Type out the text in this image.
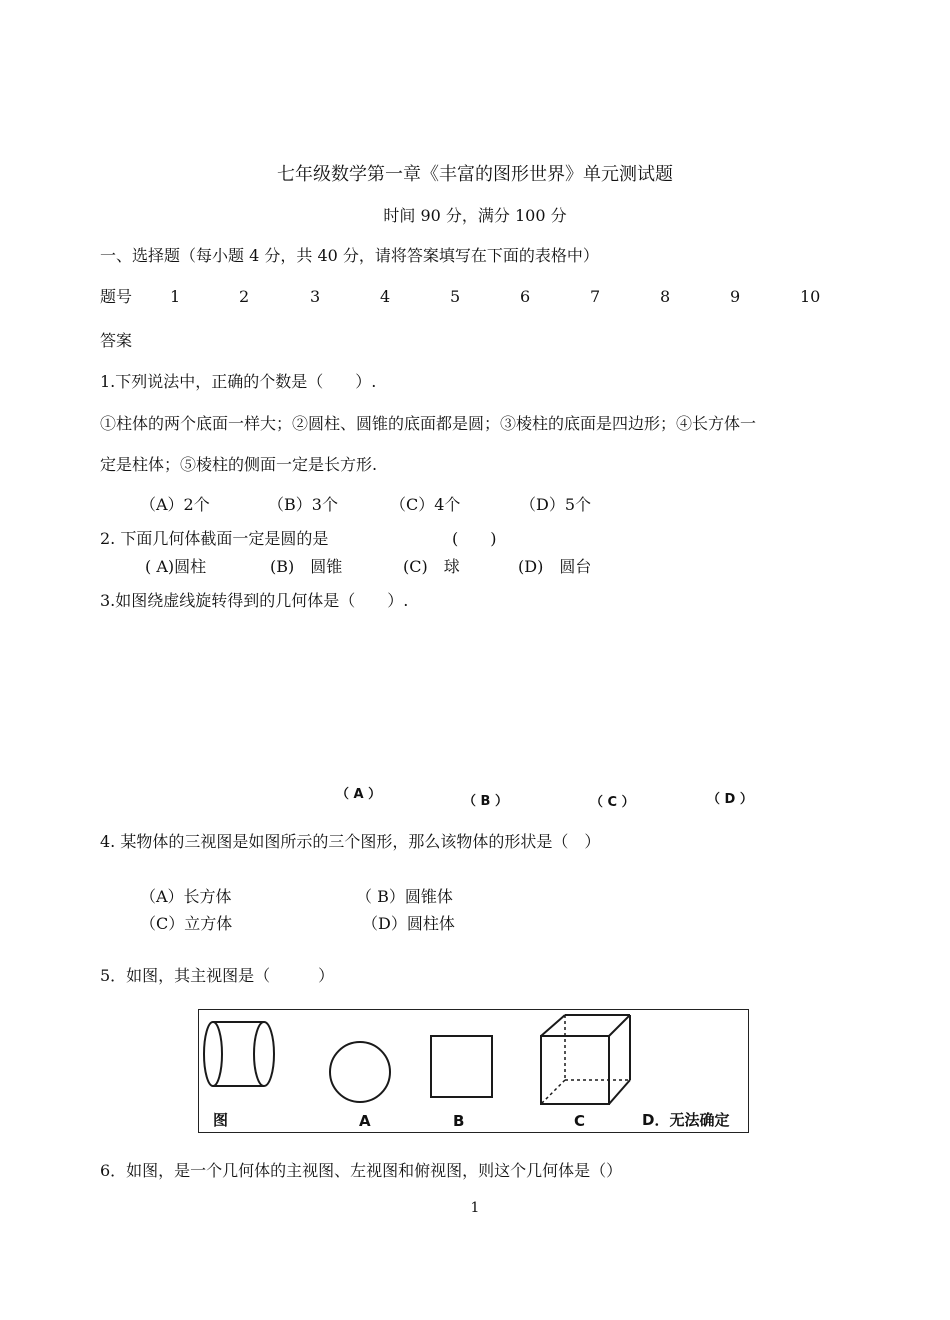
七年级数学第一章《丰富的图形世界》单元测试题
时间 90 分，满分 100 分
一、选择题（每小题 4 分，共 40 分，请将答案填写在下面的表格中）
题号 1	2	3	4	5	6	7	8	9	10
答案
1.下列说法中，正确的个数是（　　）.
①柱体的两个底面一样大；②圆柱、圆锥的底面都是圆；③棱柱的底面是四边形；④长方体一
定是柱体；⑤棱柱的侧面一定是长方形.
（A）2个	（B）3个	（C）4个	（D）5个
2. 下面几何体截面一定是圆的是	(　　)
( A)圆柱	(B)　圆锥	(C)　球	(D)　圆台
3.如图绕虚线旋转得到的几何体是（　　）.
（ A ）	（ B ）	（ C ）	（ D ）
4. 某物体的三视图是如图所示的三个图形，那么该物体的形状是（　）
（A）长方体	（ B）圆锥体
（C）立方体	（D）圆柱体
5．如图，其主视图是（　　　）
图	A	B	C	D．无法确定
6．如图，是一个几何体的主视图、左视图和俯视图，则这个几何体是（）
1
